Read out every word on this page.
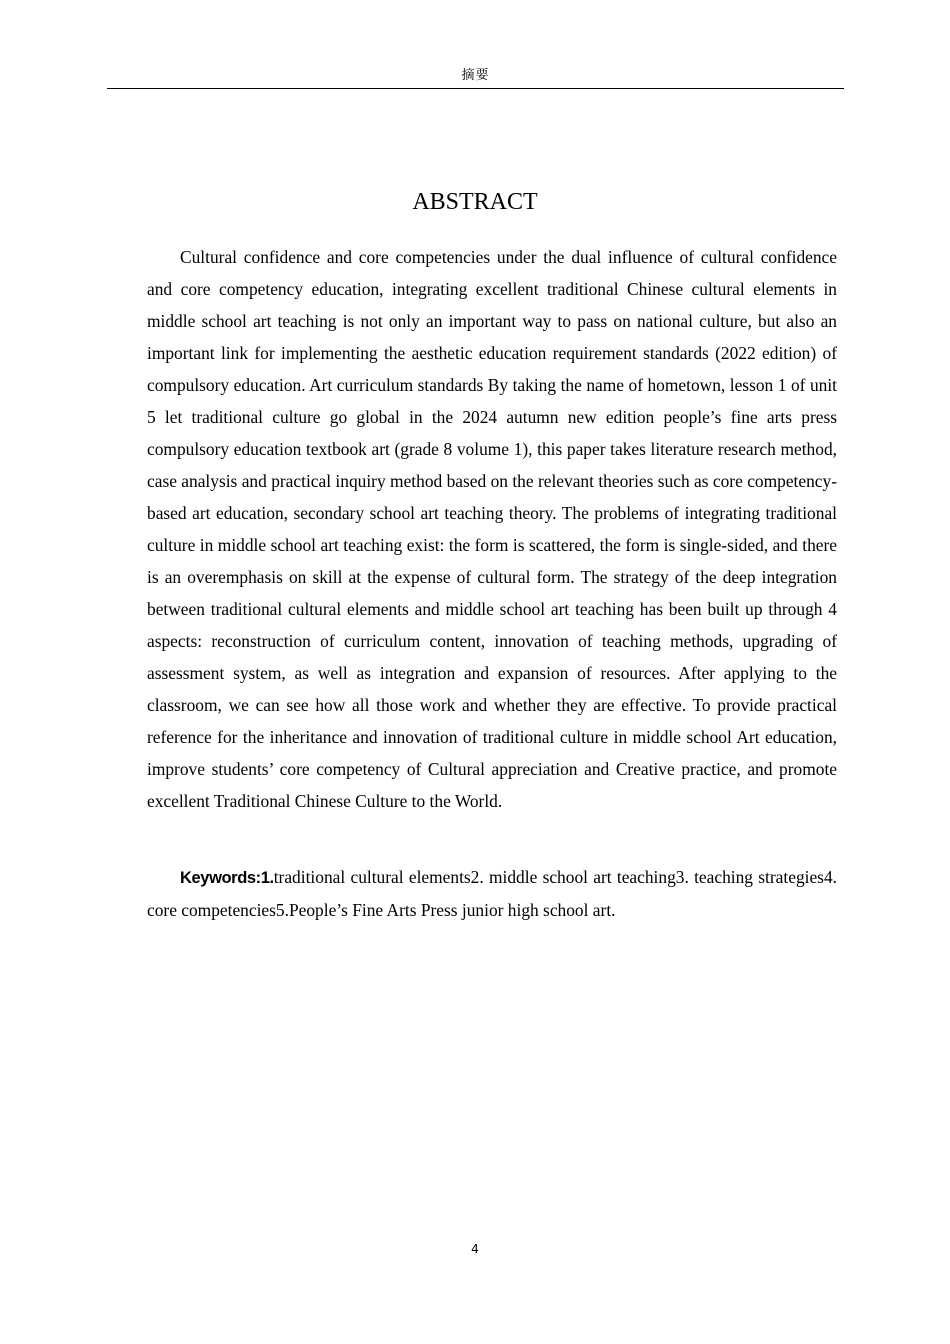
摘要
ABSTRACT

Cultural confidence and core competencies under the dual influence of cultural confidence and core competency education, integrating excellent traditional Chinese cultural elements in middle school art teaching is not only an important way to pass on national culture, but also an important link for implementing the aesthetic education requirement standards (2022 edition) of compulsory education. Art curriculum standards By taking the name of hometown, lesson 1 of unit 5 let traditional culture go global in the 2024 autumn new edition people’s fine arts press compulsory education textbook art (grade 8 volume 1), this paper takes literature research method, case analysis and practical inquiry method based on the relevant theories such as core competency-based art education, secondary school art teaching theory. The problems of integrating traditional culture in middle school art teaching exist: the form is scattered, the form is single-sided, and there is an overemphasis on skill at the expense of cultural form. The strategy of the deep integration between traditional cultural elements and middle school art teaching has been built up through 4 aspects: reconstruction of curriculum content, innovation of teaching methods, upgrading of assessment system, as well as integration and expansion of resources. After applying to the classroom, we can see how all those work and whether they are effective. To provide practical reference for the inheritance and innovation of traditional culture in middle school Art education, improve students’ core competency of Cultural appreciation and Creative practice, and promote excellent Traditional Chinese Culture to the World.

Keywords:1.traditional cultural elements2. middle school art teaching3. teaching strategies4. core competencies5.People’s Fine Arts Press junior high school art.

4
